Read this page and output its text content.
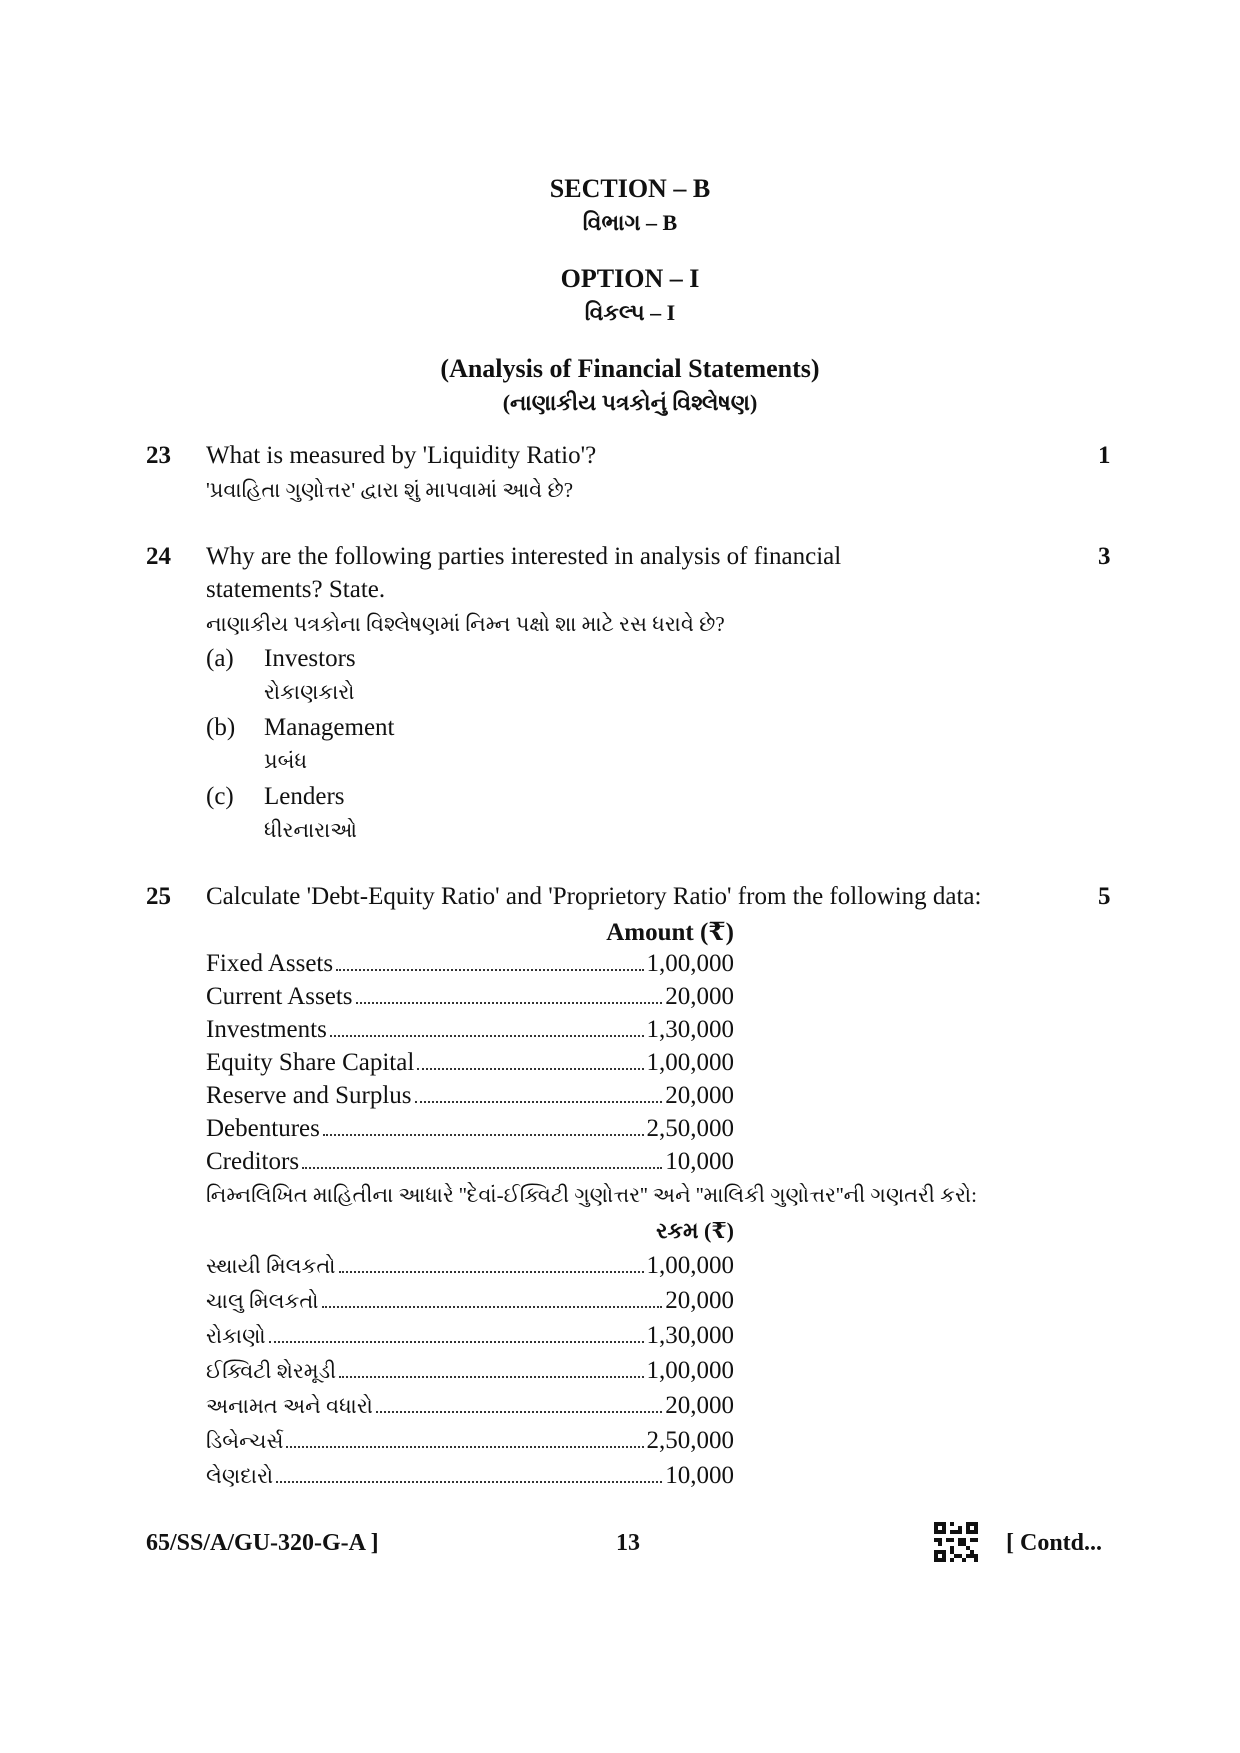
SECTION – B
વિભાગ – B
OPTION – I
વિકલ્પ – I
(Analysis of Financial Statements)
(નાણાકીય પત્રકોનું વિશ્લેષણ)
23 What is measured by 'Liquidity Ratio'?	1
'પ્રવાહિતા ગુણોત્તર' દ્વારા શું માપવામાં આવે છે?
24 Why are the following parties interested in analysis of financial	3
statements? State.
નાણાકીય પત્રકોના વિશ્લેષણમાં નિમ્ન પક્ષો શા માટે રસ ધરાવે છે?
(a) Investors
રોકાણકારો
(b) Management
પ્રબંધ
(c) Lenders
ધીરનારાઓ
25 Calculate 'Debt-Equity Ratio' and 'Proprietory Ratio' from the following data:	5
Amount (₹)
Fixed Assets	1,00,000
Current Assets	20,000
Investments	1,30,000
Equity Share Capital	1,00,000
Reserve and Surplus	20,000
Debentures	2,50,000
Creditors	10,000
નિમ્નલિખિત માહિતીના આધારે ''દેવાં-ઈક્વિટી ગુણોત્તર'' અને ''માલિકી ગુણોત્તર''ની ગણતરી કરો:
રકમ (₹)
સ્થાયી મિલકતો	1,00,000
ચાલુ મિલકતો	20,000
રોકાણો	1,30,000
ઈક્વિટી શેરમૂડી	1,00,000
અનામત અને વધારો	20,000
ડિબેન્ચર્સ	2,50,000
લેણદારો	10,000
65/SS/A/GU-320-G-A ]	13	[ Contd...
